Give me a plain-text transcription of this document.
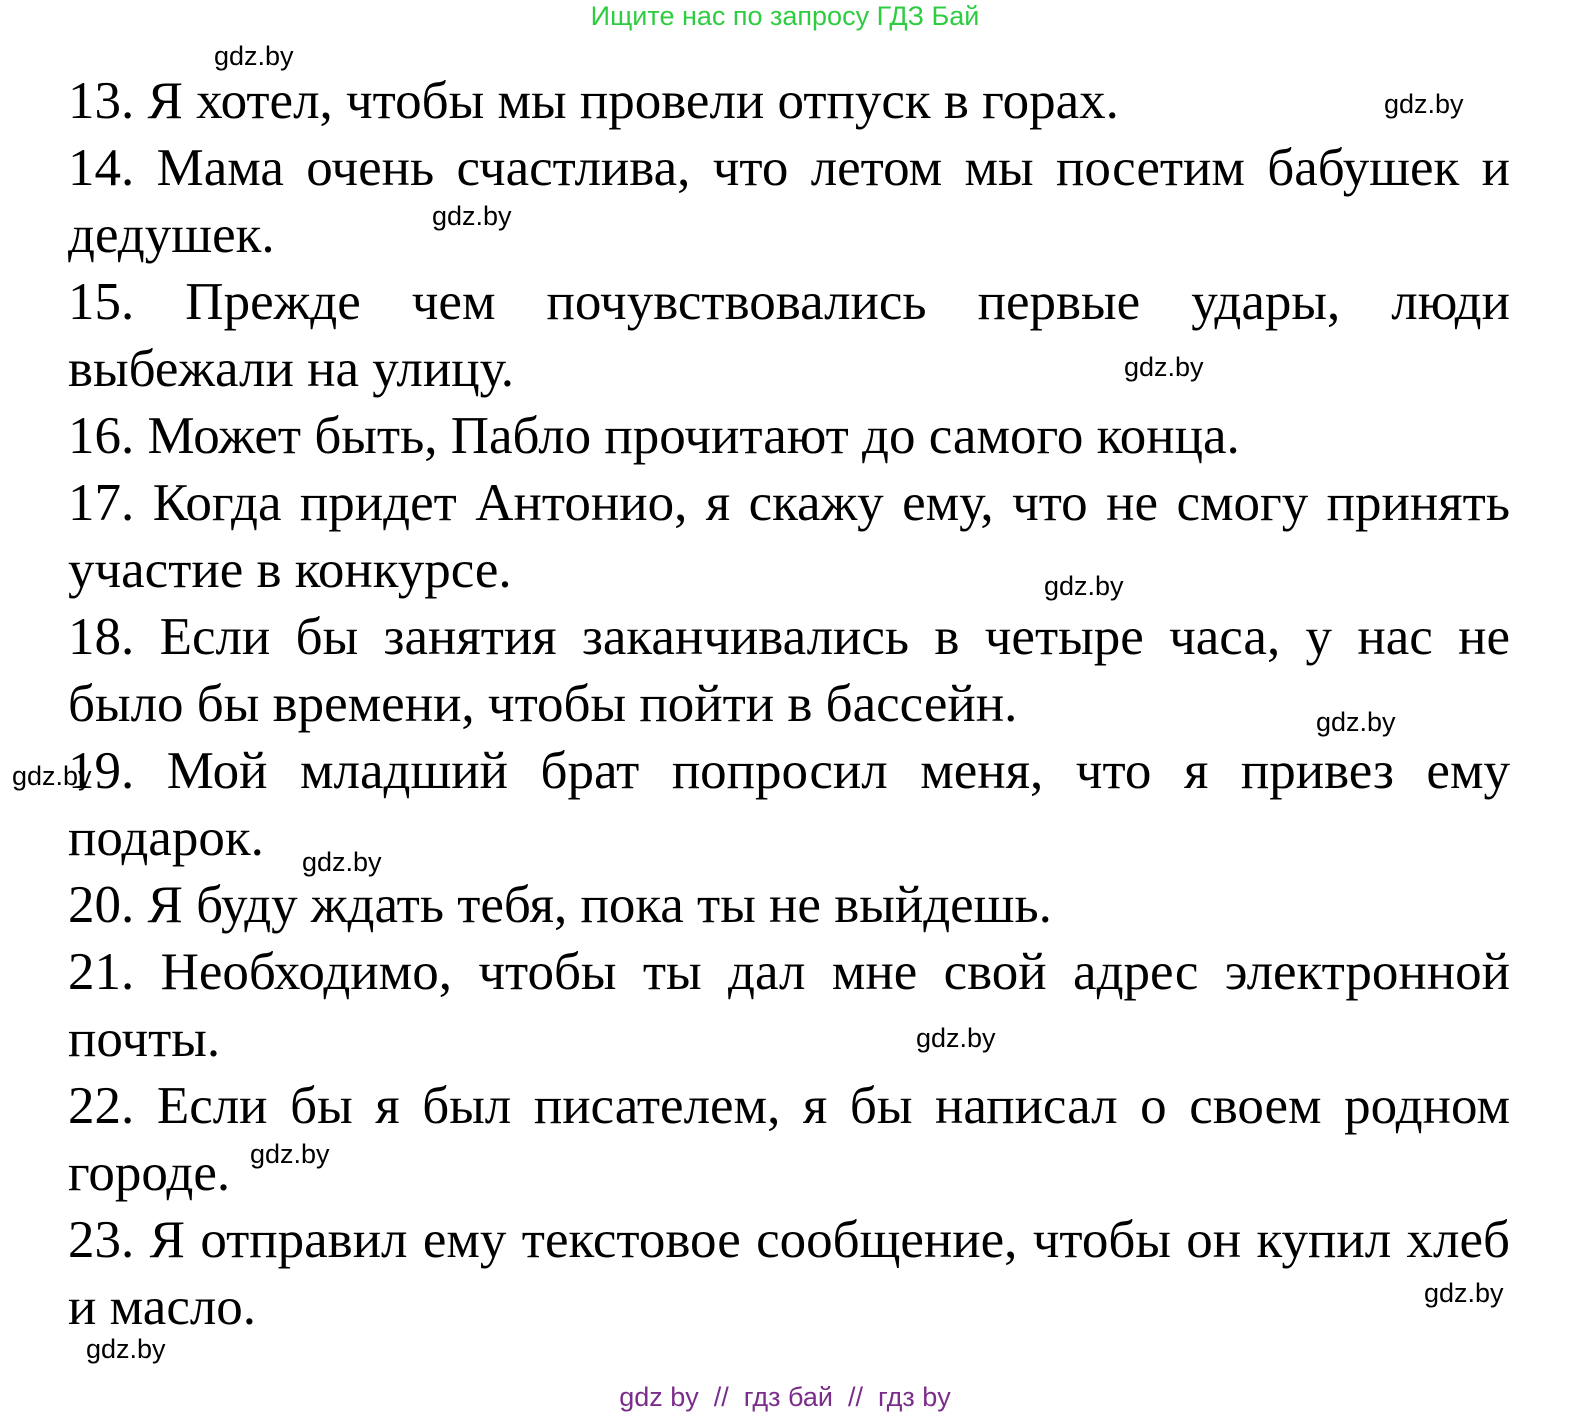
Ищите нас по запросу ГДЗ Бай

13. Я хотел, чтобы мы провели отпуск в горах.

14. Мама очень счастлива, что летом мы посетим бабушек и дедушек.

15. Прежде чем почувствовались первые удары, люди выбежали на улицу.

16. Может быть, Пабло прочитают до самого конца.

17. Когда придет Антонио, я скажу ему, что не смогу принять участие в конкурсе.

18. Если бы занятия заканчивались в четыре часа, у нас не было бы времени, чтобы пойти в бассейн.

19. Мой младший брат попросил меня, что я привез ему подарок.

20. Я буду ждать тебя, пока ты не выйдешь.

21. Необходимо, чтобы ты дал мне свой адрес электронной почты.

22. Если бы я был писателем, я бы написал о своем родном городе.

23. Я отправил ему текстовое сообщение, чтобы он купил хлеб и масло.

gdz.by
gdz.by
gdz.by
gdz.by
gdz.by
gdz.by
gdz.by
gdz.by
gdz.by
gdz.by
gdz.by
gdz.by
gdz by  //  гдз бай  //  гдз by
